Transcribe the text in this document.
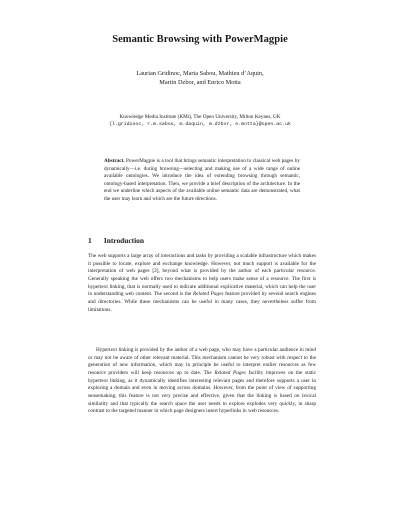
Semantic Browsing with PowerMagpie
Laurian Gridinoc, Marta Sabou, Mathieu d’Aquin,
Martin Dzbor, and Enrico Motta
Knowledge Media Institute (KMi), The Open University, Milton Keynes, UK
{l.gridinoc, r.m.sabou, m.daquin, m.dzbor, e.motta}@open.ac.uk
Abstract. PowerMagpie is a tool that brings semantic interpretation to classical web pages by dynamically—i.e. during browsing—selecting and making use of a wide range of online available ontologies. We introduce the idea of extending browsing through semantic, ontology-based interpretation. Then, we provide a brief description of the architecture. In the end we underline which aspects of the available online semantic data are demonstrated, what the user may learn and which are the future directions.
1 Introduction
The web supports a large array of interactions and tasks by providing a scalable infrastructure which makes it possible to locate, explore and exchange knowledge. However, not much support is available for the interpretation of web pages [2], beyond what is provided by the author of each particular resource. Generally speaking the web offers two mechanisms to help users make sense of a resource. The first is hypertext linking, that is normally used to indicate additional explicative material, which can help the user in understanding web content. The second is the Related Pages feature provided by several search engines and directories. While these mechanisms can be useful in many cases, they nevertheless suffer from limitations.
Hypertext linking is provided by the author of a web page, who may have a particular audience in mind or may not be aware of other relevant material. This mechanism cannot be very robust with respect to the generation of new information, which may in principle be useful to interpret earlier resources as few resource providers will keep resources up to date. The Related Pages facility improves on the static hypertext linking, as it dynamically identifies interesting relevant pages and therefore supports a user in exploring a domain and even in moving across domains. However, from the point of view of supporting sensemaking, this feature is not very precise and effective, given that the linking is based on lexical similarity and that typically the search space the user needs to explore explodes very quickly, in sharp contrast to the targeted manner in which page designers insert hyperlinks in web resources.
